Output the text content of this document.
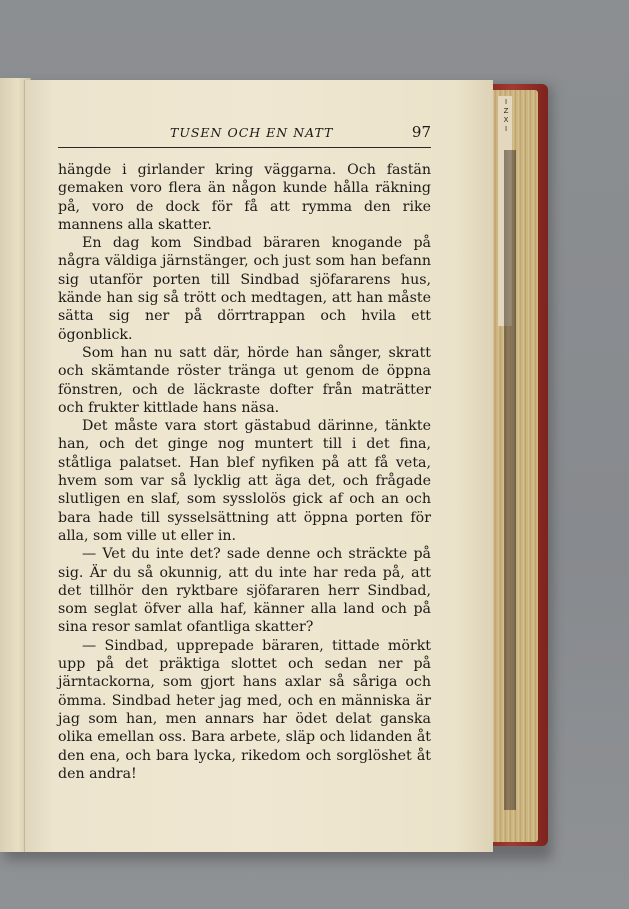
IZXI
TUSEN OCH EN NATT	97

hängde i girlander kring väggarna. Och fastän gemaken voro flera än någon kunde hålla räkning på, voro de dock för få att rymma den rike mannens alla skatter.

En dag kom Sindbad bäraren knogande på några väldiga järnstänger, och just som han befann sig utanför porten till Sindbad sjöfararens hus, kände han sig så trött och medtagen, att han måste sätta sig ner på dörrtrappan och hvila ett ögonblick.

Som han nu satt där, hörde han sånger, skratt och skämtande röster tränga ut genom de öppna fönstren, och de läckraste dofter från maträtter och frukter kittlade hans näsa.

Det måste vara stort gästabud därinne, tänkte han, och det ginge nog muntert till i det fina, ståtliga palatset. Han blef nyfiken på att få veta, hvem som var så lycklig att äga det, och frågade slutligen en slaf, som sysslolös gick af och an och bara hade till sysselsättning att öppna porten för alla, som ville ut eller in.

— Vet du inte det? sade denne och sträckte på sig. Är du så okunnig, att du inte har reda på, att det tillhör den ryktbare sjöfararen herr Sindbad, som seglat öfver alla haf, känner alla land och på sina resor samlat ofantliga skatter?

— Sindbad, upprepade bäraren, tittade mörkt upp på det präktiga slottet och sedan ner på järntackorna, som gjort hans axlar så såriga och ömma. Sindbad heter jag med, och en människa är jag som han, men annars har ödet delat ganska olika emellan oss. Bara arbete, släp och lidanden åt den ena, och bara lycka, rikedom och sorglöshet åt den andra!
